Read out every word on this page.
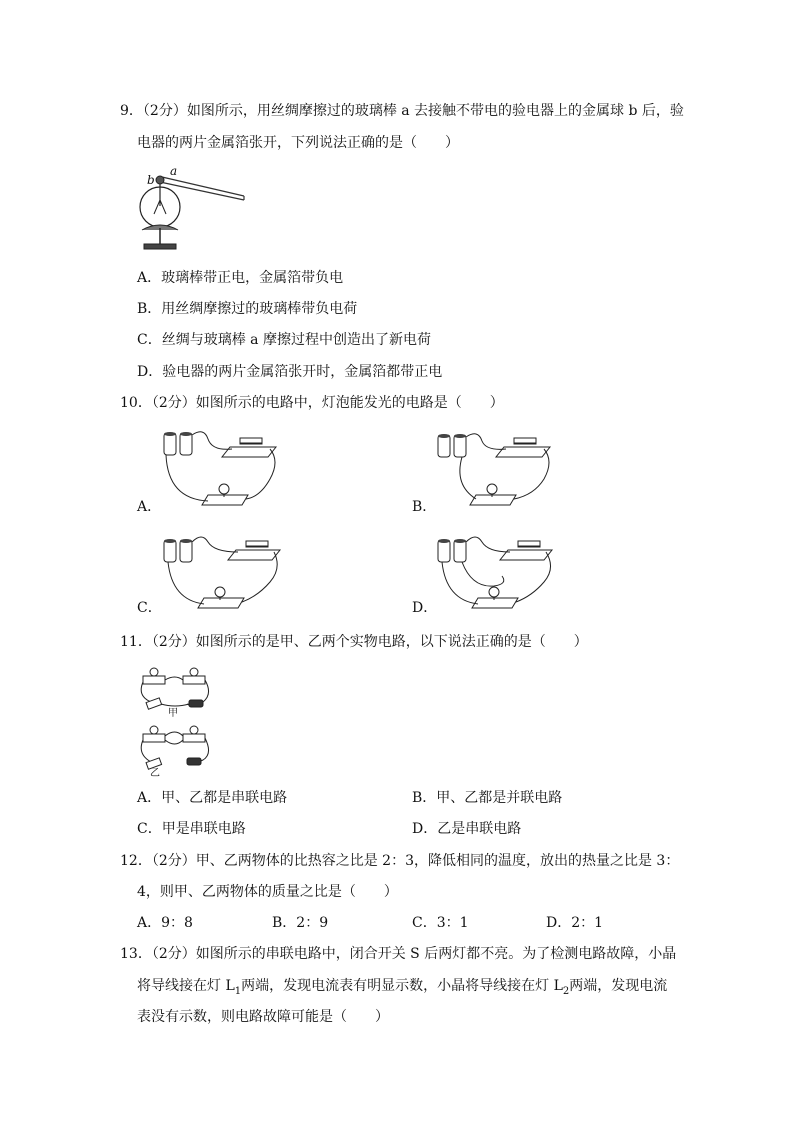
9．（2分）如图所示，用丝绸摩擦过的玻璃棒 a 去接触不带电的验电器上的金属球 b 后，验
电器的两片金属箔张开，下列说法正确的是（　　）
a
b
A．玻璃棒带正电，金属箔带负电
B．用丝绸摩擦过的玻璃棒带负电荷
C．丝绸与玻璃棒 a 摩擦过程中创造出了新电荷
D．验电器的两片金属箔张开时，金属箔都带正电
10．（2分）如图所示的电路中，灯泡能发光的电路是（　　）
A．	B．
C．	D．
11．（2分）如图所示的是甲、乙两个实物电路，以下说法正确的是（　　）
甲
乙
A．甲、乙都是串联电路	B．甲、乙都是并联电路
C．甲是串联电路	D．乙是串联电路
12．（2分）甲、乙两物体的比热容之比是 2：3，降低相同的温度，放出的热量之比是 3：
4，则甲、乙两物体的质量之比是（　　）
A．9：8	B．2：9	C．3：1	D．2：1
13．（2分）如图所示的串联电路中，闭合开关 S 后两灯都不亮。为了检测电路故障，小晶
将导线接在灯 $L_1$两端，发现电流表有明显示数，小晶将导线接在灯 $L_2$两端，发现电流
表没有示数，则电路故障可能是（　　）
